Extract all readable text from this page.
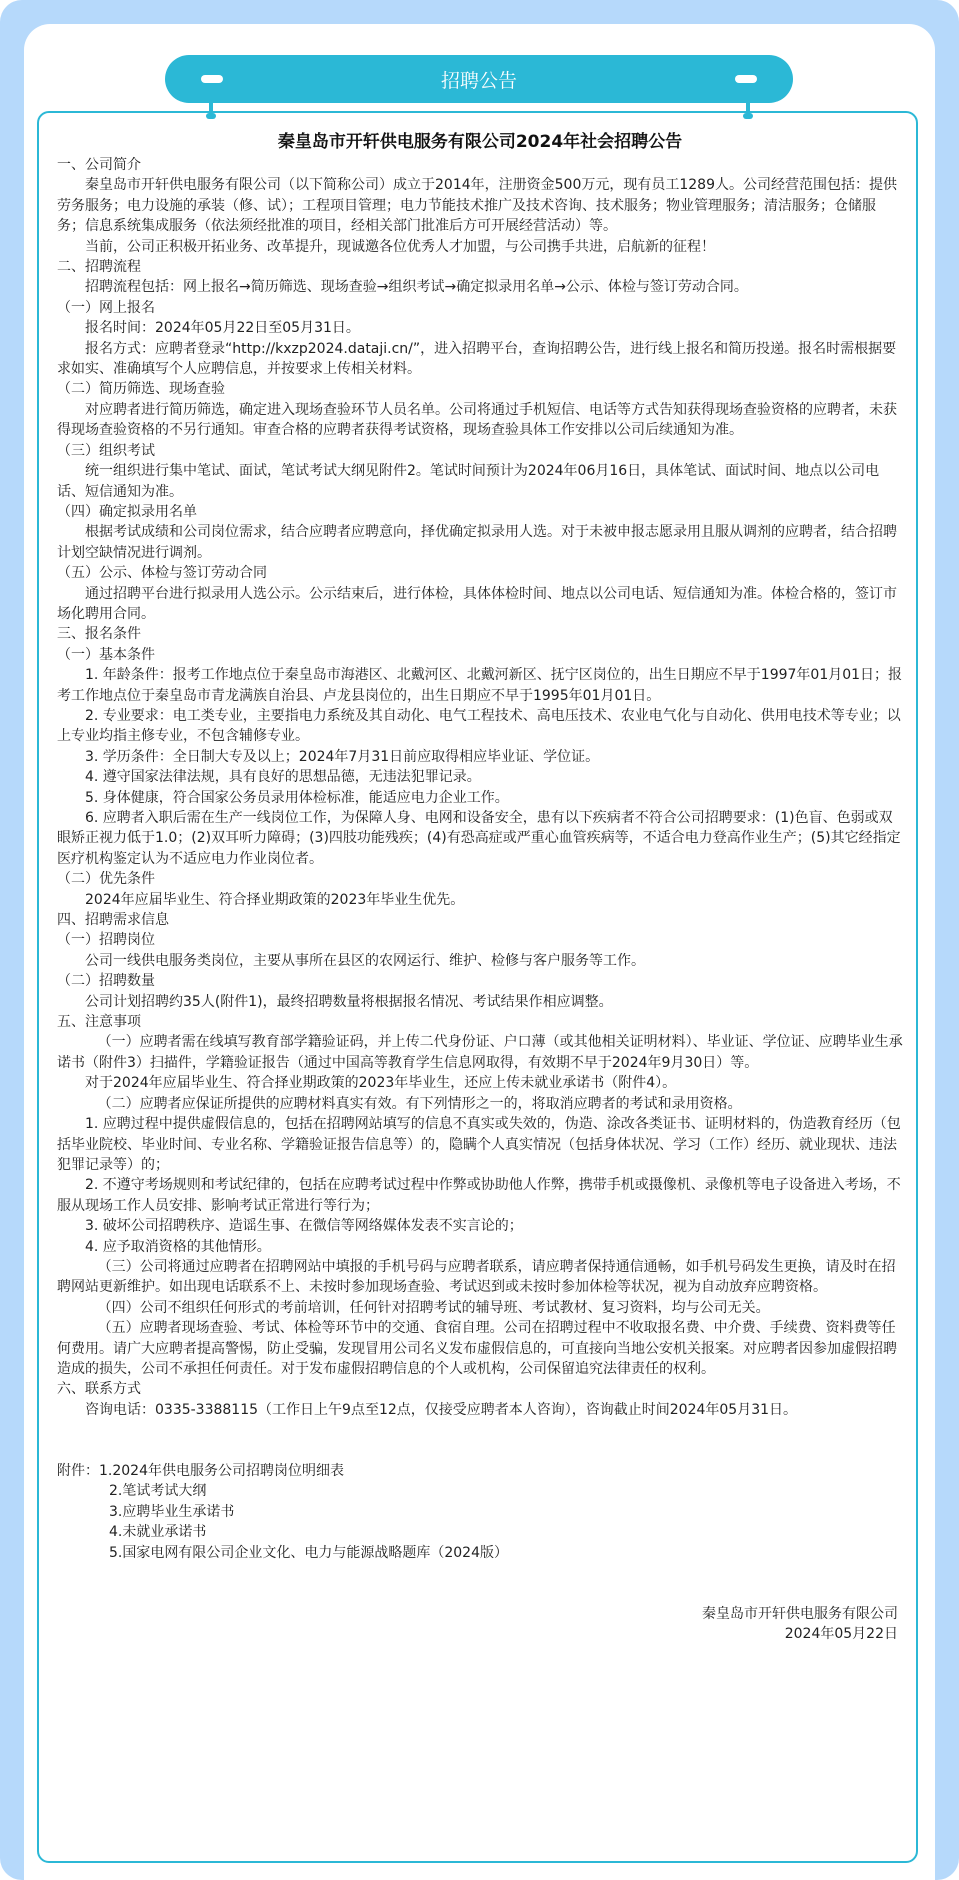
招聘公告

秦皇岛市开轩供电服务有限公司2024年社会招聘公告

一、公司简介

秦皇岛市开轩供电服务有限公司（以下简称公司）成立于2014年，注册资金500万元，现有员工1289人。公司经营范围包括：提供劳务服务；电力设施的承装（修、试）；工程项目管理；电力节能技术推广及技术咨询、技术服务；物业管理服务；清洁服务；仓储服务；信息系统集成服务（依法须经批准的项目，经相关部门批准后方可开展经营活动）等。

当前，公司正积极开拓业务、改革提升，现诚邀各位优秀人才加盟，与公司携手共进，启航新的征程！

二、招聘流程

招聘流程包括：网上报名→简历筛选、现场查验→组织考试→确定拟录用名单→公示、体检与签订劳动合同。

（一）网上报名

报名时间：2024年05月22日至05月31日。

报名方式：应聘者登录“http://kxzp2024.dataji.cn/”，进入招聘平台，查询招聘公告，进行线上报名和简历投递。报名时需根据要求如实、准确填写个人应聘信息，并按要求上传相关材料。

（二）简历筛选、现场查验

对应聘者进行简历筛选，确定进入现场查验环节人员名单。公司将通过手机短信、电话等方式告知获得现场查验资格的应聘者，未获得现场查验资格的不另行通知。审查合格的应聘者获得考试资格，现场查验具体工作安排以公司后续通知为准。

（三）组织考试

统一组织进行集中笔试、面试，笔试考试大纲见附件2。笔试时间预计为2024年06月16日，具体笔试、面试时间、地点以公司电话、短信通知为准。

（四）确定拟录用名单

根据考试成绩和公司岗位需求，结合应聘者应聘意向，择优确定拟录用人选。对于未被申报志愿录用且服从调剂的应聘者，结合招聘计划空缺情况进行调剂。

（五）公示、体检与签订劳动合同

通过招聘平台进行拟录用人选公示。公示结束后，进行体检，具体体检时间、地点以公司电话、短信通知为准。体检合格的，签订市场化聘用合同。

三、报名条件

（一）基本条件

1. 年龄条件：报考工作地点位于秦皇岛市海港区、北戴河区、北戴河新区、抚宁区岗位的，出生日期应不早于1997年01月01日；报考工作地点位于秦皇岛市青龙满族自治县、卢龙县岗位的，出生日期应不早于1995年01月01日。

2. 专业要求：电工类专业，主要指电力系统及其自动化、电气工程技术、高电压技术、农业电气化与自动化、供用电技术等专业；以上专业均指主修专业，不包含辅修专业。

3. 学历条件：全日制大专及以上；2024年7月31日前应取得相应毕业证、学位证。

4. 遵守国家法律法规，具有良好的思想品德，无违法犯罪记录。

5. 身体健康，符合国家公务员录用体检标准，能适应电力企业工作。

6. 应聘者入职后需在生产一线岗位工作，为保障人身、电网和设备安全，患有以下疾病者不符合公司招聘要求：(1)色盲、色弱或双眼矫正视力低于1.0；(2)双耳听力障碍；(3)四肢功能残疾；(4)有恐高症或严重心血管疾病等，不适合电力登高作业生产；(5)其它经指定医疗机构鉴定认为不适应电力作业岗位者。

（二）优先条件

2024年应届毕业生、符合择业期政策的2023年毕业生优先。

四、招聘需求信息

（一）招聘岗位

公司一线供电服务类岗位，主要从事所在县区的农网运行、维护、检修与客户服务等工作。

（二）招聘数量

公司计划招聘约35人(附件1)，最终招聘数量将根据报名情况、考试结果作相应调整。

五、注意事项

（一）应聘者需在线填写教育部学籍验证码，并上传二代身份证、户口薄（或其他相关证明材料）、毕业证、学位证、应聘毕业生承诺书（附件3）扫描件，学籍验证报告（通过中国高等教育学生信息网取得，有效期不早于2024年9月30日）等。

对于2024年应届毕业生、符合择业期政策的2023年毕业生，还应上传未就业承诺书（附件4）。

（二）应聘者应保证所提供的应聘材料真实有效。有下列情形之一的，将取消应聘者的考试和录用资格。

1. 应聘过程中提供虚假信息的，包括在招聘网站填写的信息不真实或失效的，伪造、涂改各类证书、证明材料的，伪造教育经历（包括毕业院校、毕业时间、专业名称、学籍验证报告信息等）的，隐瞒个人真实情况（包括身体状况、学习（工作）经历、就业现状、违法犯罪记录等）的；

2. 不遵守考场规则和考试纪律的，包括在应聘考试过程中作弊或协助他人作弊，携带手机或摄像机、录像机等电子设备进入考场，不服从现场工作人员安排、影响考试正常进行等行为；

3. 破坏公司招聘秩序、造谣生事、在微信等网络媒体发表不实言论的；

4. 应予取消资格的其他情形。

（三）公司将通过应聘者在招聘网站中填报的手机号码与应聘者联系，请应聘者保持通信通畅，如手机号码发生更换，请及时在招聘网站更新维护。如出现电话联系不上、未按时参加现场查验、考试迟到或未按时参加体检等状况，视为自动放弃应聘资格。

（四）公司不组织任何形式的考前培训，任何针对招聘考试的辅导班、考试教材、复习资料，均与公司无关。

（五）应聘者现场查验、考试、体检等环节中的交通、食宿自理。公司在招聘过程中不收取报名费、中介费、手续费、资料费等任何费用。请广大应聘者提高警惕，防止受骗，发现冒用公司名义发布虚假信息的，可直接向当地公安机关报案。对应聘者因参加虚假招聘造成的损失，公司不承担任何责任。对于发布虚假招聘信息的个人或机构，公司保留追究法律责任的权利。

六、联系方式

咨询电话：0335-3388115（工作日上午9点至12点，仅接受应聘者本人咨询），咨询截止时间2024年05月31日。

附件：1.2024年供电服务公司招聘岗位明细表

2.笔试考试大纲

3.应聘毕业生承诺书

4.未就业承诺书

5.国家电网有限公司企业文化、电力与能源战略题库（2024版）

秦皇岛市开轩供电服务有限公司

2024年05月22日
